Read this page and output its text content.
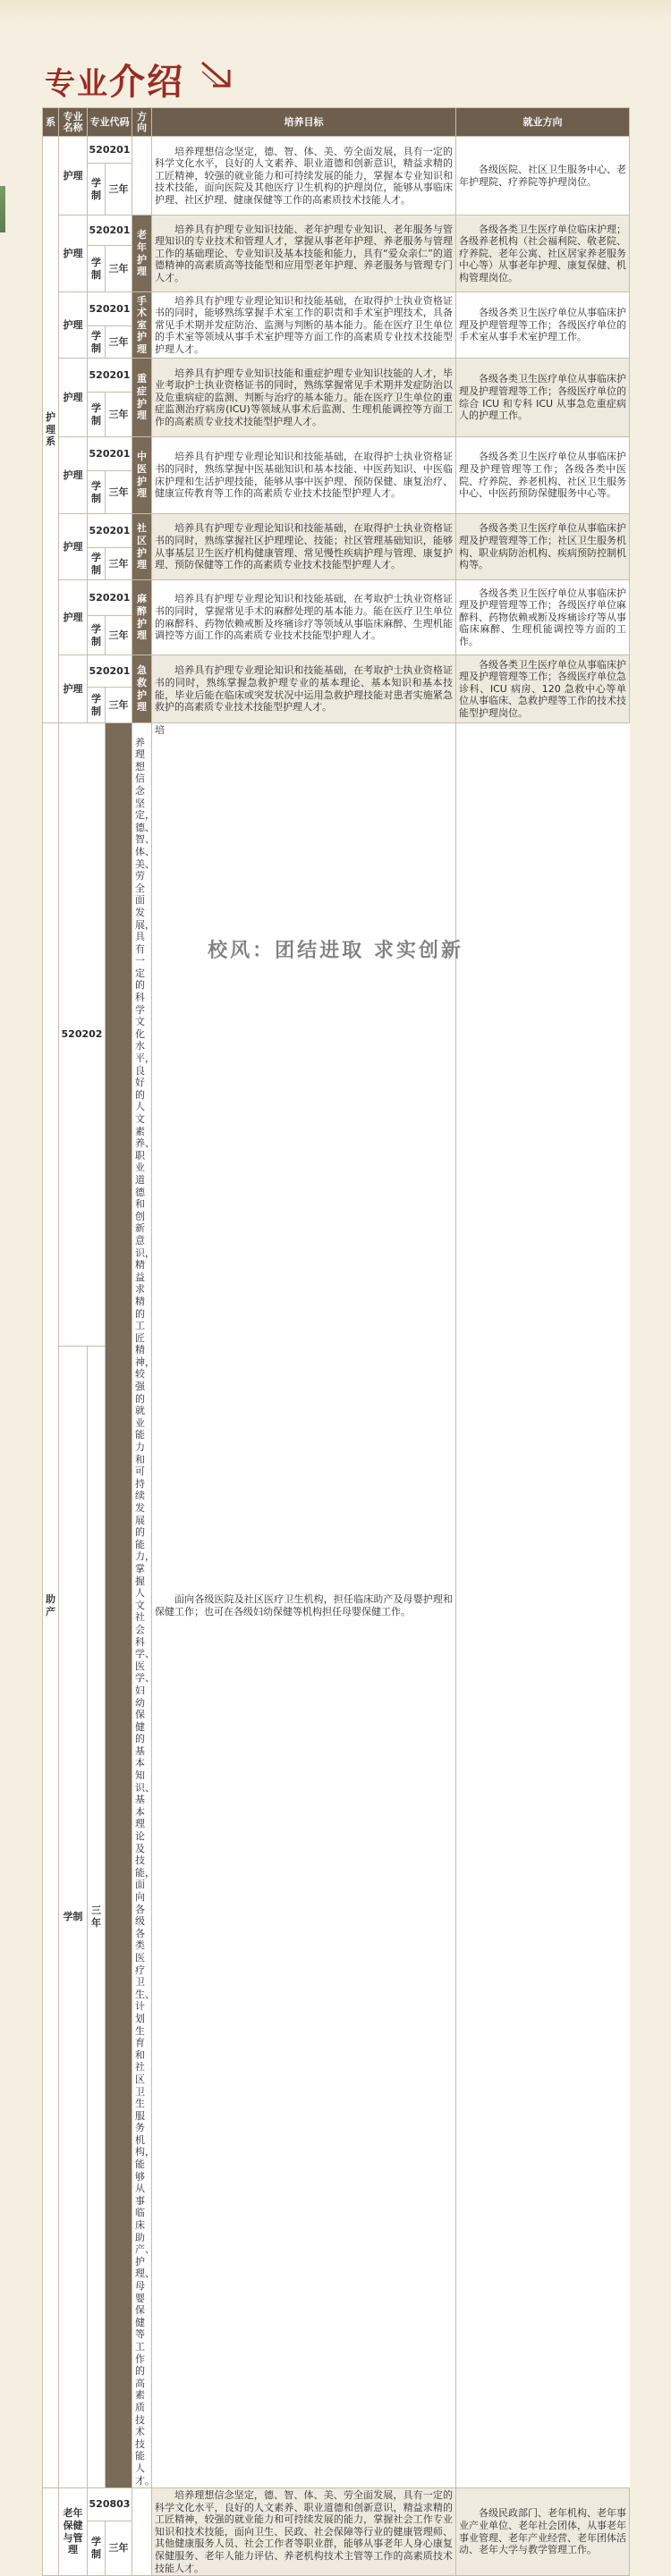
专业介绍
系	专业名称	专业代码		方向	培养目标	就业方向
护理系	护理	520201			培养理想信念坚定，德、智、体、美、劳全面发展，具有一定的科学文化水平，良好的人文素养、职业道德和创新意识，精益求精的工匠精神，较强的就业能力和可持续发展的能力，掌握本专业知识和技术技能，面向医院及其他医疗卫生机构的护理岗位，能够从事临床护理、社区护理、健康保健等工作的高素质技术技能人才。	各级医院、社区卫生服务中心、老年护理院、疗养院等护理岗位。
		学制	三年			
	护理	520201		老年护理	培养具有护理专业知识技能、老年护理专业知识、老年服务与管理知识的专业技术和管理人才，掌握从事老年护理、养老服务与管理工作的基础理论、专业知识及基本技能和能力，具有“爱众亲仁”的道德精神的高素质高等技能型和应用型老年护理、养老服务与管理专门人才。	各级各类卫生医疗单位临床护理；各级养老机构（社会福利院、敬老院、疗养院、老年公寓、社区居家养老服务中心等）从事老年护理、康复保健、机构管理岗位。
		学制	三年			
	护理	520201		手术室护理	培养具有护理专业理论知识和技能基础，在取得护士执业资格证书的同时，能够熟练掌握手术室工作的职责和手术室护理技术，具备常见手术期并发症防治、监测与判断的基本能力。能在医疗卫生单位的手术室等领域从事手术室护理等方面工作的高素质专业技术技能型护理人才。	各级各类卫生医疗单位从事临床护理及护理管理等工作；各级医疗单位的手术室从事手术室护理工作。
		学制	三年			
	护理	520201		重症护理	培养具有护理专业知识技能和重症护理专业知识技能的人才，毕业考取护士执业资格证书的同时，熟练掌握常见手术期并发症防治以及危重病症的监测、判断与治疗的基本能力。能在医疗卫生单位的重症监测治疗病房(ICU)等领域从事术后监测、生理机能调控等方面工作的高素质专业技术技能型护理人才。	各级各类卫生医疗单位从事临床护理及护理管理等工作；各级医疗单位的综合 ICU 和专科 ICU 从事急危重症病人的护理工作。
		学制	三年			
	护理	520201		中医护理	培养具有护理专业理论知识和技能基础，在取得护士执业资格证书的同时，熟练掌握中医基础知识和基本技能、中医药知识、中医临床护理和生活护理技能，能够从事中医护理、预防保健、康复治疗、健康宣传教育等工作的高素质专业技术技能型护理人才。	各级各类卫生医疗单位从事临床护理及护理管理等工作；各级各类中医院、疗养院、养老机构、社区卫生服务中心、中医药预防保健服务中心等。
		学制	三年			
	护理	520201		社区护理	培养具有护理专业理论知识和技能基础，在取得护士执业资格证书的同时，熟练掌握社区护理理论、技能；社区管理基础知识，能够从事基层卫生医疗机构健康管理、常见慢性疾病护理与管理、康复护理、预防保健等工作的高素质专业技术技能型护理人才。	各级各类卫生医疗单位从事临床护理及护理管理等工作；社区卫生服务机构、职业病防治机构、疾病预防控制机构等。
		学制	三年			
	护理	520201		麻醉护理	培养具有护理专业理论知识和技能基础，在考取护士执业资格证书的同时，掌握常见手术的麻醉处理的基本能力。能在医疗卫生单位的麻醉科、药物依赖戒断及疼痛诊疗等领域从事临床麻醉、生理机能调控等方面工作的高素质专业技术技能型护理人才。	各级各类卫生医疗单位从事临床护理及护理管理等工作；各级医疗单位麻醉科、药物依赖戒断及疼痛诊疗等从事临床麻醉、生理机能调控等方面的工作。
		学制	三年			
	护理	520201		急救护理	培养具有护理专业理论知识和技能基础，在考取护士执业资格证书的同时，熟练掌握急救护理专业的基本理论、基本知识和基本技能，毕业后能在临床或突发状况中运用急救护理技能对患者实施紧急救护的高素质专业技术技能型护理人才。	各级各类卫生医疗单位从事临床护理及护理管理等工作；各级医疗单位急诊科、ICU 病房、120 急救中心等单位从事临床、急救护理等工作的技术技能型护理岗位。
		学制	三年			
助产	520202			培养理想信念坚定，德、智、体、美、劳全面发展，具有一定的科学文化水平，良好的人文素养、职业道德和创新意识，精益求精的工匠精神，较强的就业能力和可持续发展的能力，掌握人文社会科学、医学、妇幼保健的基本知识、基本理论及技能，面向各级各类医疗卫生、计划生育和社区卫生服务机构，能够从事临床助产、护理、母婴保健等工作的高素质技术技能人才。	面向各级医院及社区医疗卫生机构，担任临床助产及母婴护理和保健工作；也可在各级妇幼保健等机构担任母婴保健工作。	
	学制	三年				
	老年保健与管理	520803			培养理想信念坚定，德、智、体、美、劳全面发展，具有一定的科学文化水平，良好的人文素养、职业道德和创新意识，精益求精的工匠精神，较强的就业能力和可持续发展的能力，掌握社会工作专业知识和技术技能，面向卫生、民政、社会保障等行业的健康管理师、其他健康服务人员、社会工作者等职业群，能够从事老年人身心康复保健服务、老年人能力评估、养老机构技术主管等工作的高素质技术技能人才。	各级民政部门、老年机构、老年事业产业单位、老年社会团体，从事老年事业管理、老年产业经营、老年团体活动、老年大学与教学管理工作。
		学制	三年			
校风：团结进取 求实创新
